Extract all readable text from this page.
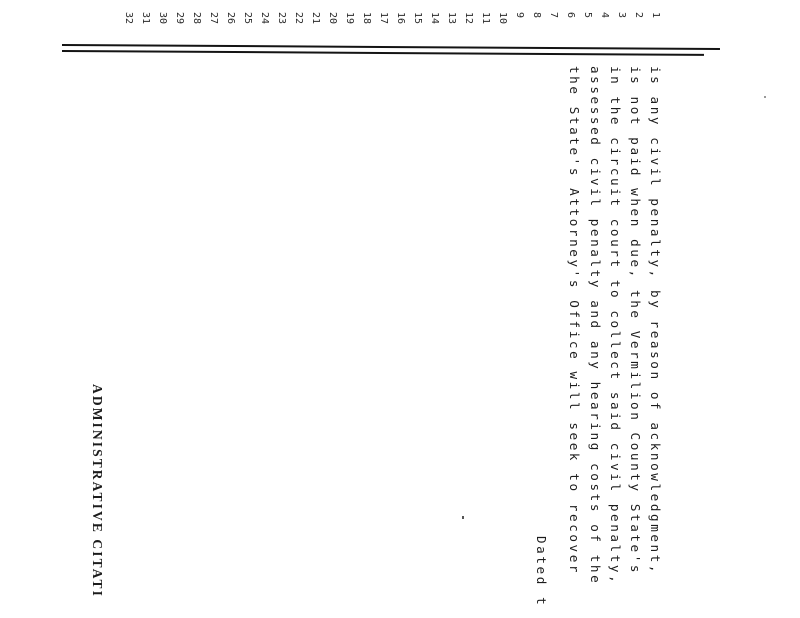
1
2
3
4
5
6
7
8
9
10
11
12
13
14
15
16
17
18
19
20
21
22
23
24
25
26
27
28
29
30
31
32
is any civil penalty, by reason of acknowledgment,
is not paid when due, the Vermilion County State's
in the circuit court to collect said civil penalty,
assessed civil penalty and any hearing costs of the
the State's Attorney's Office will seek to recover
Dated t
ADMINISTRATIVE CITATI
